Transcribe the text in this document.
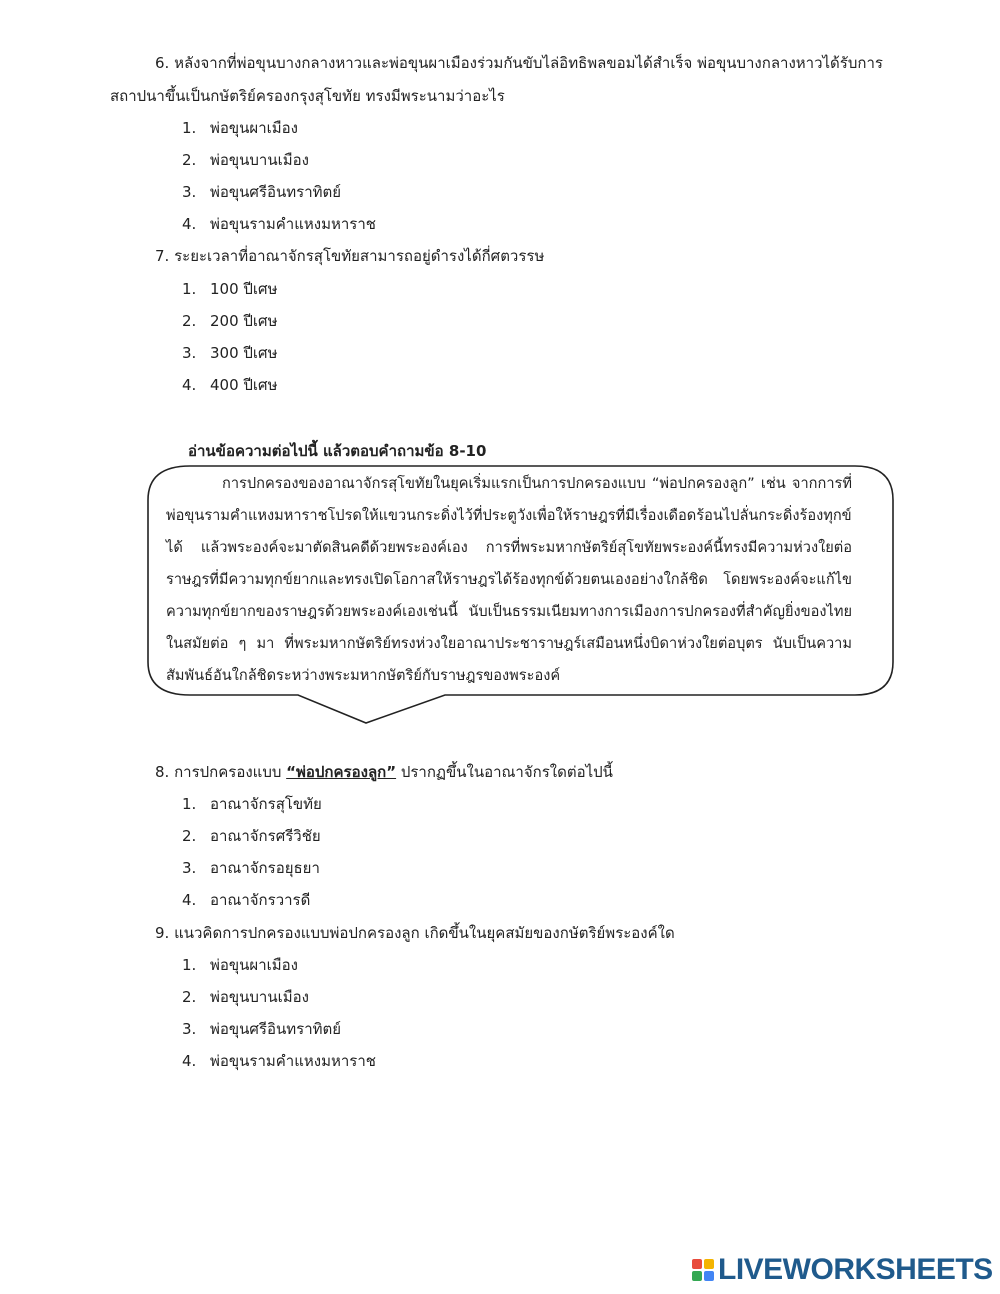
6. หลังจากที่พ่อขุนบางกลางหาวและพ่อขุนผาเมืองร่วมกันขับไล่อิทธิพลขอมได้สำเร็จ พ่อขุนบางกลางหาวได้รับการ
สถาปนาขึ้นเป็นกษัตริย์ครองกรุงสุโขทัย ทรงมีพระนามว่าอะไร
1. พ่อขุนผาเมือง
2. พ่อขุนบานเมือง
3. พ่อขุนศรีอินทราทิตย์
4. พ่อขุนรามคำแหงมหาราช
7. ระยะเวลาที่อาณาจักรสุโขทัยสามารถอยู่ดำรงได้กี่ศตวรรษ
1. 100 ปีเศษ
2. 200 ปีเศษ
3. 300 ปีเศษ
4. 400 ปีเศษ
อ่านข้อความต่อไปนี้ แล้วตอบคำถามข้อ 8-10
การปกครองของอาณาจักรสุโขทัยในยุคเริ่มแรกเป็นการปกครองแบบ “พ่อปกครองลูก” เช่น จากการที่พ่อขุนรามคำแหงมหาราชโปรดให้แขวนกระดิ่งไว้ที่ประตูวังเพื่อให้ราษฎรที่มีเรื่องเดือดร้อนไปลั่นกระดิ่งร้องทุกข์ได้ แล้วพระองค์จะมาตัดสินคดีด้วยพระองค์เอง การที่พระมหากษัตริย์สุโขทัยพระองค์นี้ทรงมีความห่วงใยต่อราษฎรที่มีความทุกข์ยากและทรงเปิดโอกาสให้ราษฎรได้ร้องทุกข์ด้วยตนเองอย่างใกล้ชิด โดยพระองค์จะแก้ไขความทุกข์ยากของราษฎรด้วยพระองค์เองเช่นนี้ นับเป็นธรรมเนียมทางการเมืองการปกครองที่สำคัญยิ่งของไทยในสมัยต่อ ๆ มา ที่พระมหากษัตริย์ทรงห่วงใยอาณาประชาราษฎร์เสมือนหนึ่งบิดาห่วงใยต่อบุตร นับเป็นความสัมพันธ์อันใกล้ชิดระหว่างพระมหากษัตริย์กับราษฎรของพระองค์
8. การปกครองแบบ “พ่อปกครองลูก” ปรากฏขึ้นในอาณาจักรใดต่อไปนี้
1. อาณาจักรสุโขทัย
2. อาณาจักรศรีวิชัย
3. อาณาจักรอยุธยา
4. อาณาจักรวารดี
9. แนวคิดการปกครองแบบพ่อปกครองลูก เกิดขึ้นในยุคสมัยของกษัตริย์พระองค์ใด
1. พ่อขุนผาเมือง
2. พ่อขุนบานเมือง
3. พ่อขุนศรีอินทราทิตย์
4. พ่อขุนรามคำแหงมหาราช
LIVEWORKSHEETS
